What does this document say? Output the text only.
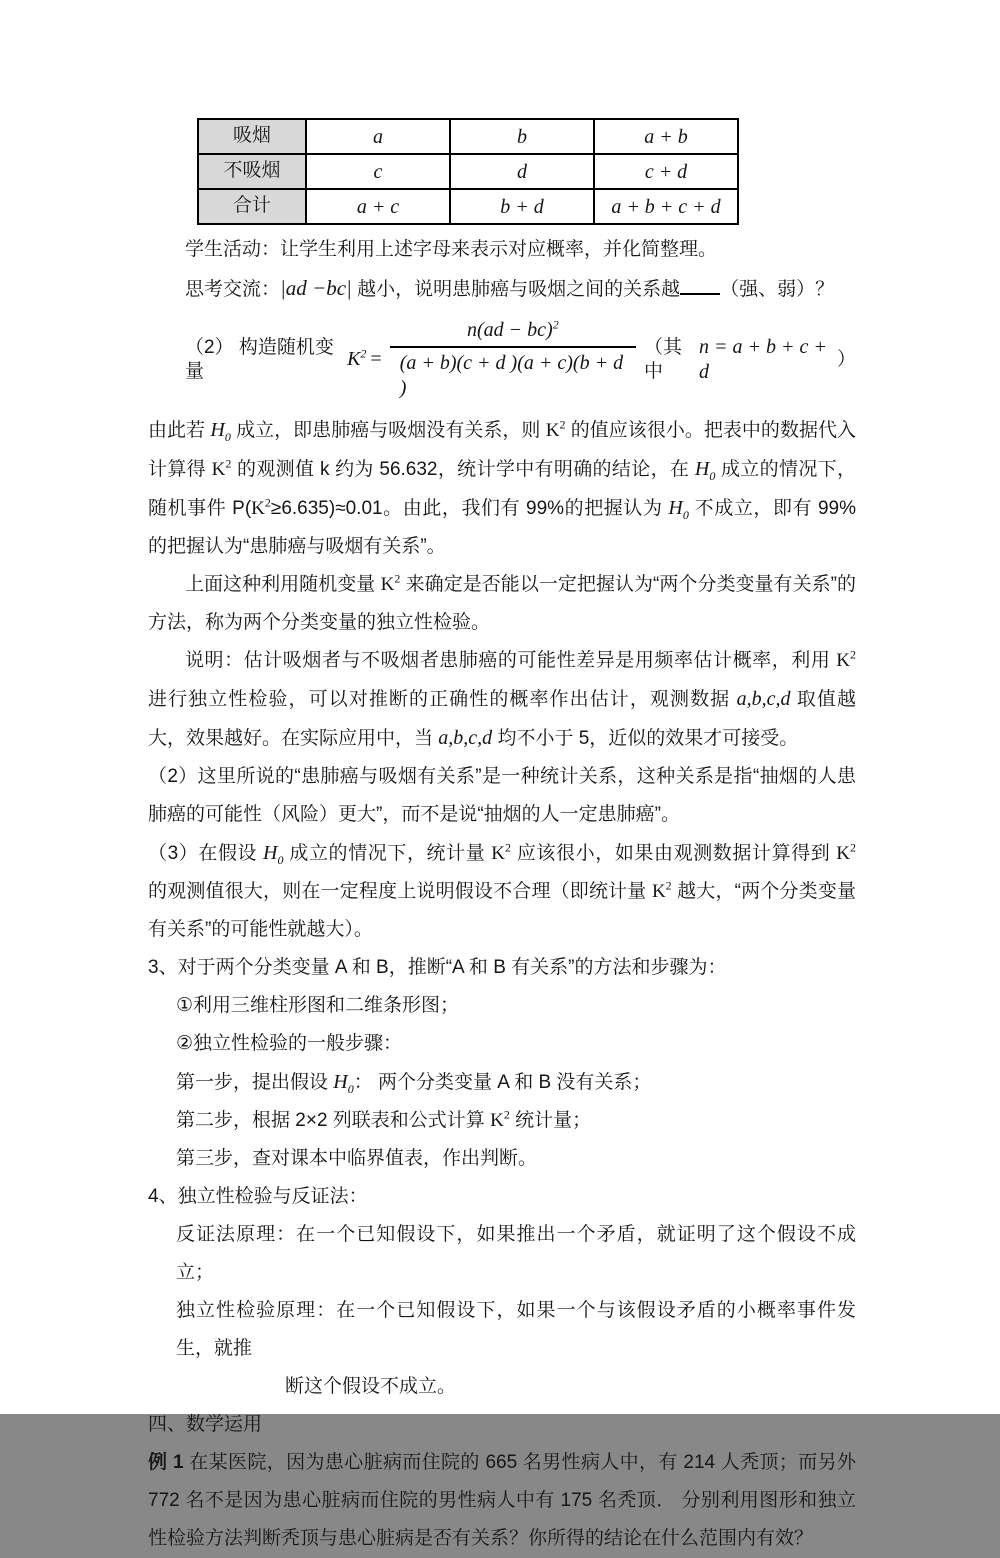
吸烟	a	b	a + b
不吸烟	c	d	c + d
合计	a + c	b + d	a + b + c + d

学生活动：让学生利用上述字母来表示对应概率，并化简整理。

思考交流：|ad −bc| 越小，说明患肺癌与吸烟之间的关系越 （强、弱）？

（2） 构造随机变量
$K^2 = \frac{n(ad - bc)^2}{(a + b)(c + d )(a + c)(b + d )}$ （其中
n = a + b + c + d
）

由此若 $H_0$ 成立，即患肺癌与吸烟没有关系，则 $K^2$ 的值应该很小。把表中的数据代入计算得 $K^2$ 的观测值 k 约为 56.632，统计学中有明确的结论，在 $H_0$ 成立的情况下，随机事件 $P(K^2\ge 6.635)\approx 0.01$。由此，我们有 99%的把握认为 $H_0$ 不成立，即有 99%的把握认为“患肺癌与吸烟有关系”。

上面这种利用随机变量 $K^2$ 来确定是否能以一定把握认为“两个分类变量有关系”的方法，称为两个分类变量的独立性检验。

说明：估计吸烟者与不吸烟者患肺癌的可能性差异是用频率估计概率，利用 $K^2$ 进行独立性检验，可以对推断的正确性的概率作出估计，观测数据 a,b,c,d 取值越大，效果越好。在实际应用中，当 a,b,c,d 均不小于 5，近似的效果才可接受。

（2）这里所说的“患肺癌与吸烟有关系”是一种统计关系，这种关系是指“抽烟的人患肺癌的可能性（风险）更大”，而不是说“抽烟的人一定患肺癌”。

（3）在假设 $H_0$ 成立的情况下，统计量 $K^2$ 应该很小，如果由观测数据计算得到 $K^2$ 的观测值很大，则在一定程度上说明假设不合理（即统计量 $K^2$ 越大，“两个分类变量有关系”的可能性就越大）。

3、对于两个分类变量 A 和 B，推断“A 和 B 有关系”的方法和步骤为：

①利用三维柱形图和二维条形图；

②独立性检验的一般步骤：

第一步，提出假设 $H_0$： 两个分类变量 A 和 B 没有关系；

第二步，根据 2×2 列联表和公式计算 $K^2$ 统计量；

第三步，查对课本中临界值表，作出判断。

4、独立性检验与反证法：

反证法原理：在一个已知假设下，如果推出一个矛盾，就证明了这个假设不成立；

独立性检验原理：在一个已知假设下，如果一个与该假设矛盾的小概率事件发生，就推

断这个假设不成立。

四、数学运用

例 1 在某医院，因为患心脏病而住院的 665 名男性病人中，有 214 人秃顶；而另外 772 名不是因为患心脏病而住院的男性病人中有 175 名秃顶． 分别利用图形和独立性检验方法判断秃顶与患心脏病是否有关系？你所得的结论在什么范围内有效？
